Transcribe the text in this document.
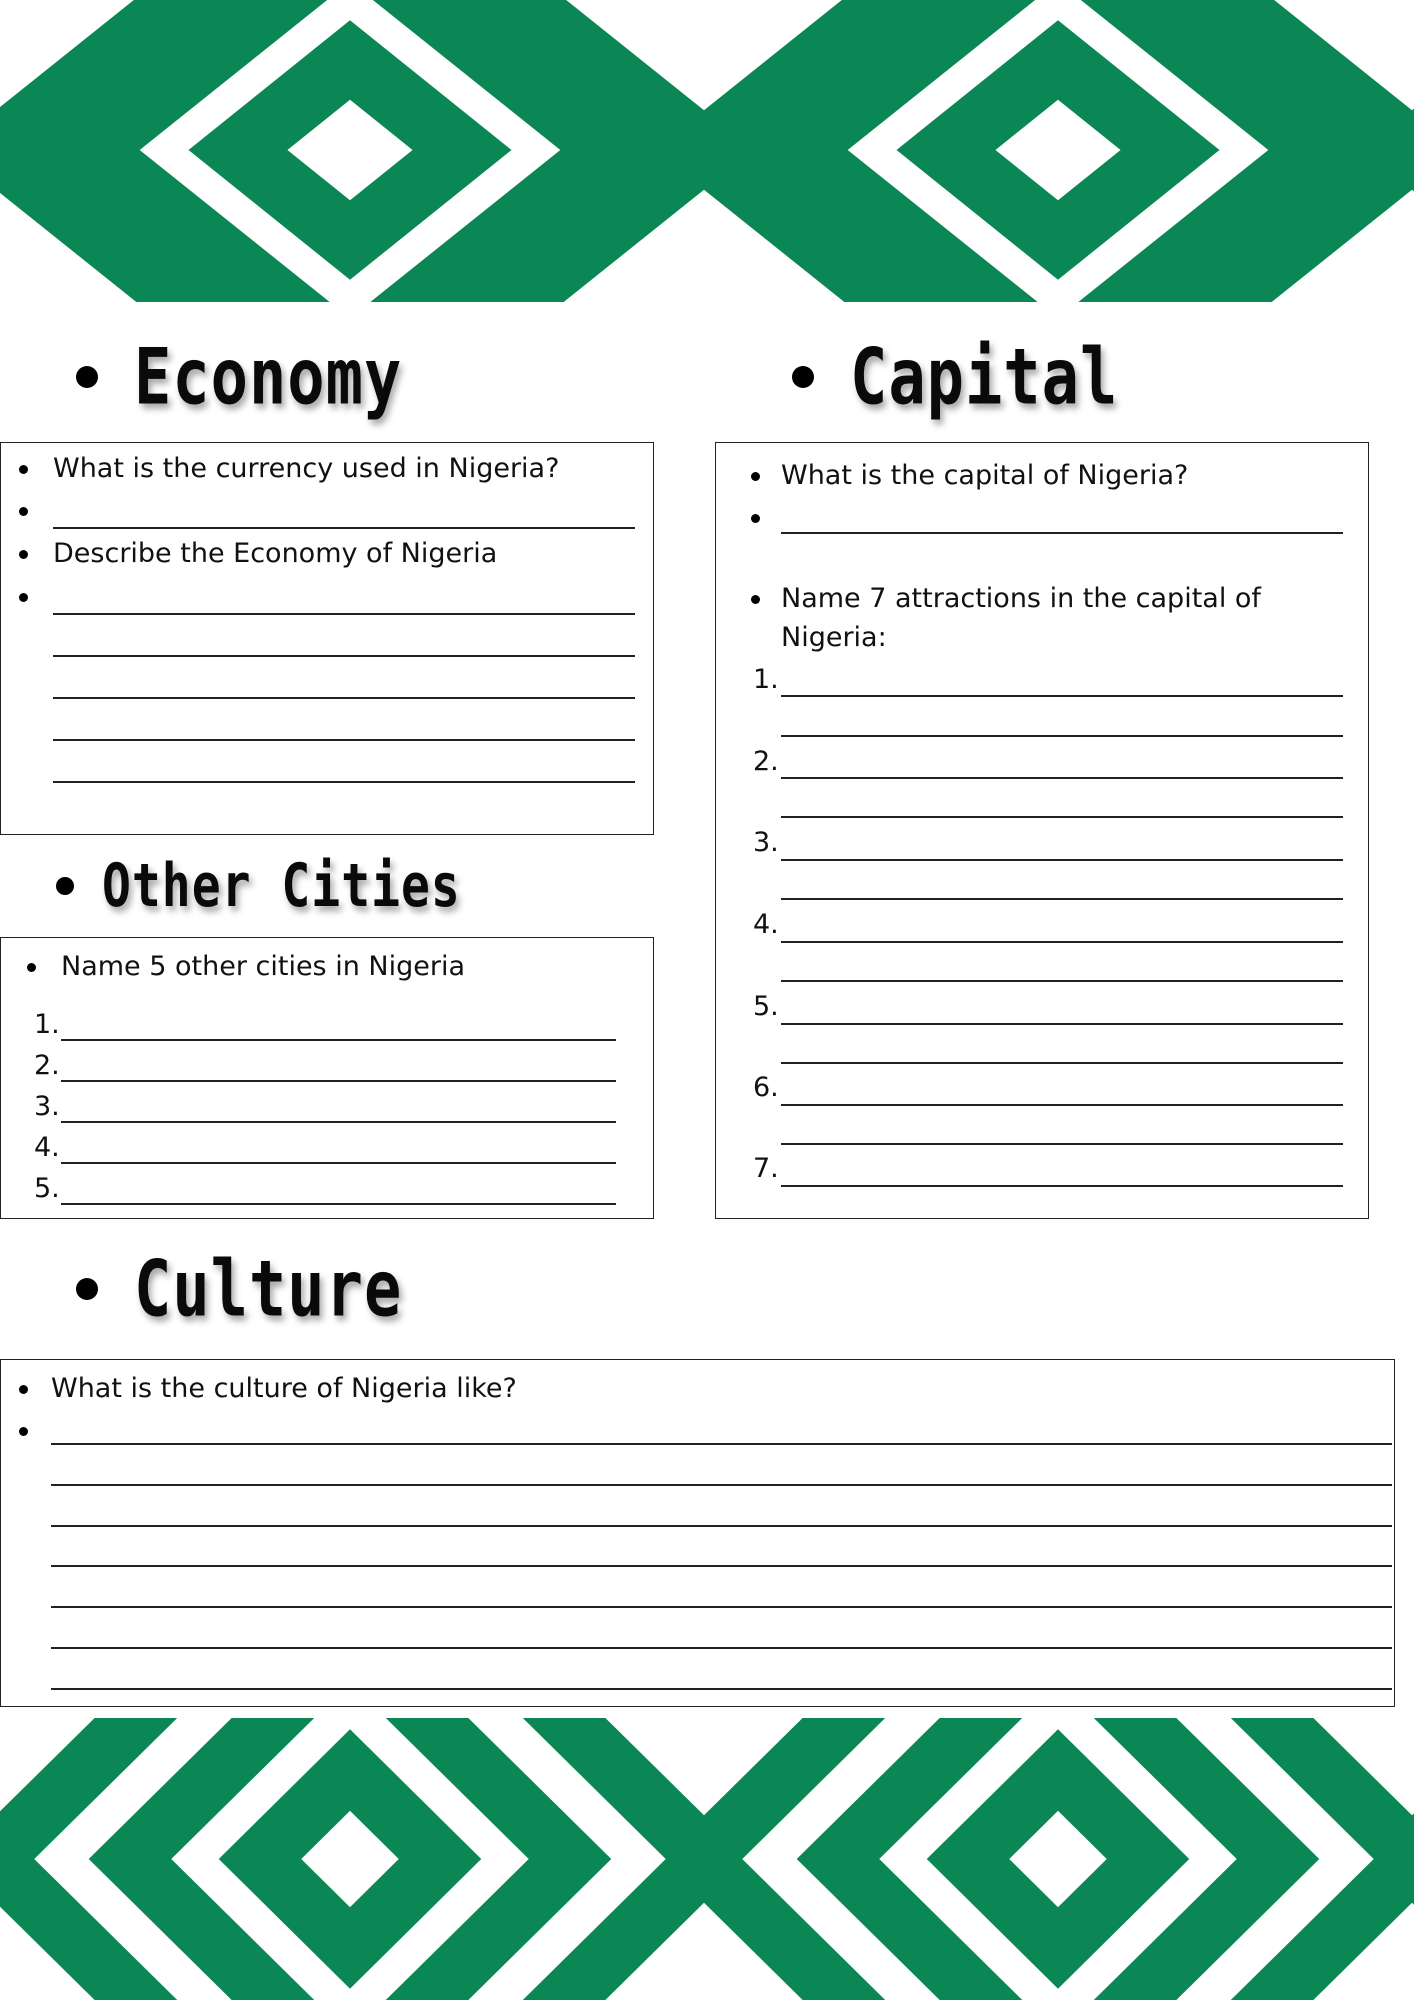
Economy	Capital
What is the currency used in Nigeria?
Describe the Economy of Nigeria
What is the capital of Nigeria?
Name 7 attractions in the capital of
Nigeria:
1.
2.
3.
4.
5.
6.
7.
Other Cities
Name 5 other cities in Nigeria
1.
2.
3.
4.
5.
Culture
What is the culture of Nigeria like?
